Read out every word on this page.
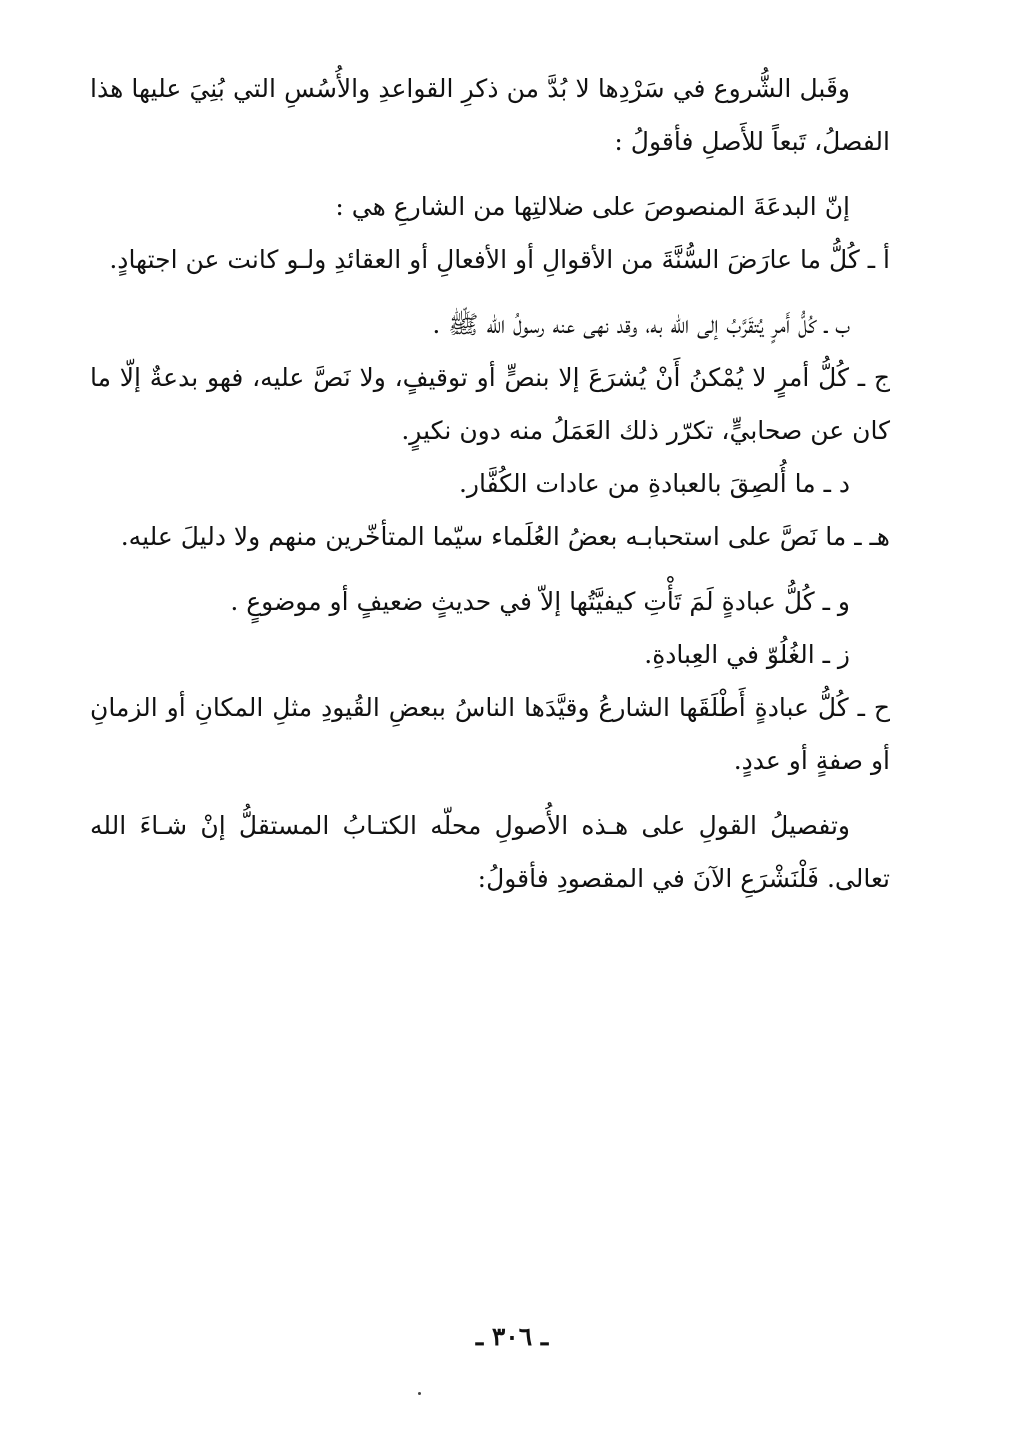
وقَبل الشُّروع في سَرْدِها لا بُدَّ من ذكرِ القواعدِ والأُسُسِ التي بُنِيَ عليها هذا الفصلُ، تَبعاً للأَصلِ فأقولُ :

إنّ البدعَةَ المنصوصَ على ضلالتِها من الشارعِ هي :

أ ـ كُلُّ ما عارَضَ السُّنَّةَ من الأقوالِ أو الأفعالِ أو العقائدِ ولـو كانت عن اجتهادٍ.

ب ـ كُلُّ أَمرٍ يُتقَرَّبُ إلى الله به، وقد نهى عنه رسولُ الله ﷺ .

ج ـ كُلُّ أمرٍ لا يُمْكنُ أَنْ يُشرَعَ إلا بنصٍّ أو توقيفٍ، ولا نَصَّ عليه، فهو بدعةٌ إلّا ما كان عن صحابيٍّ، تكرّر ذلك العَمَلُ منه دون نكيرٍ.

د ـ ما أُلصِقَ بالعبادةِ من عادات الكُفَّار.

هـ ـ ما نَصَّ على استحبابـه بعضُ العُلَماء سيّما المتأخّرين منهم ولا دليلَ عليه.

و ـ كُلُّ عبادةٍ لَمَ تَأْتِ كيفيَّتُها إلاّ في حديثٍ ضعيفٍ أو موضوعٍ .

ز ـ الغُلُوّ في العِبادةِ.

ح ـ كُلُّ عبادةٍ أَطْلَقَها الشارعُ وقيَّدَها الناسُ ببعضِ القُيودِ مثلِ المكانِ أو الزمانِ أو صفةٍ أو عددٍ.

وتفصيلُ القولِ على هـذه الأُصولِ محلّه الكتـابُ المستقلُّ إنْ شـاءَ الله تعالى. فَلْنَشْرَعِ الآنَ في المقصودِ فأقولُ:

ـ ٣٠٦ ـ
